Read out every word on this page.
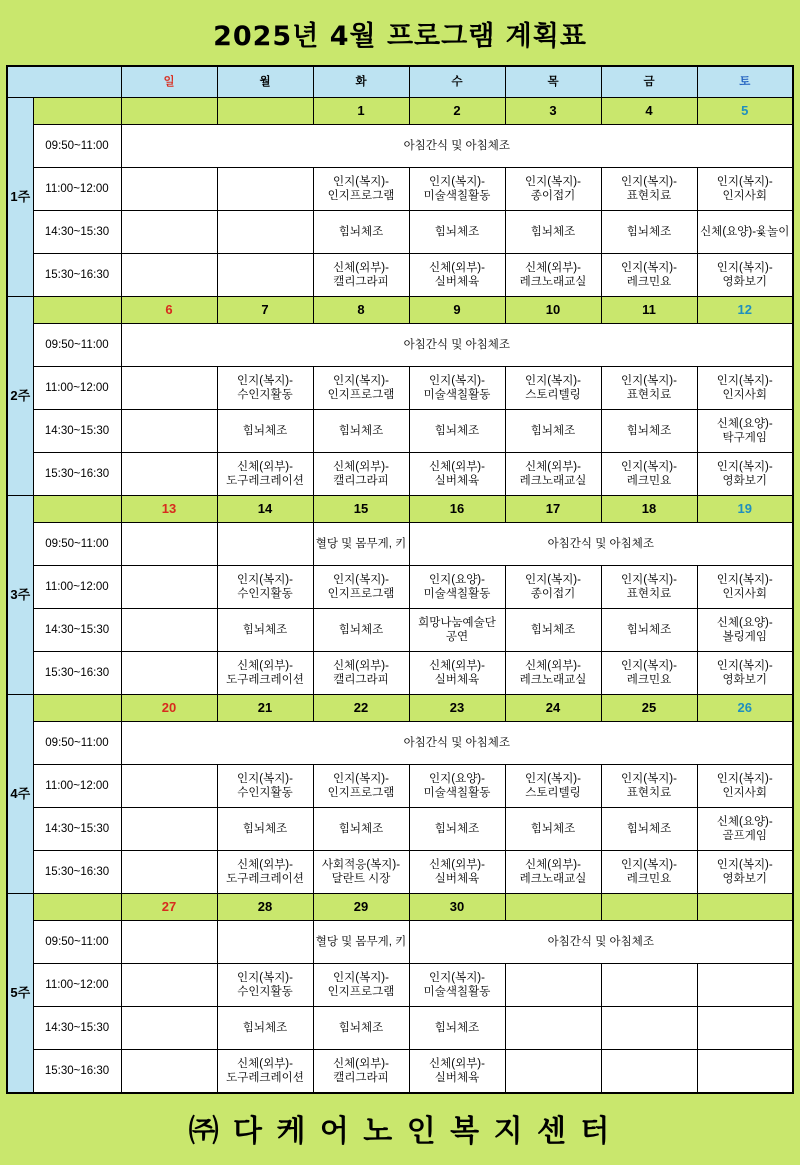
2025년 4월 프로그램 계획표
		일	월	화	수	목	금	토
1주				1	2	3	4	5
	09:50~11:00	아침간식 및 아침체조						
	11:00~12:00			인지(복지)-인지프로그램	인지(복지)-미술색칠활동	인지(복지)-종이접기	인지(복지)-표현치료	인지(복지)-인지사회
	14:30~15:30			힘뇌체조	힘뇌체조	힘뇌체조	힘뇌체조	신체(요양)-윷놀이
	15:30~16:30			신체(외부)-캘리그라피	신체(외부)-실버체육	신체(외부)-레크노래교실	인지(복지)-레크민요	인지(복지)-영화보기
2주		6	7	8	9	10	11	12
	09:50~11:00	아침간식 및 아침체조						
	11:00~12:00		인지(복지)-수인지활동	인지(복지)-인지프로그램	인지(복지)-미술색칠활동	인지(복지)-스토리텔링	인지(복지)-표현치료	인지(복지)-인지사회
	14:30~15:30		힘뇌체조	힘뇌체조	힘뇌체조	힘뇌체조	힘뇌체조	신체(요양)-탁구게임
	15:30~16:30		신체(외부)-도구레크레이션	신체(외부)-캘리그라피	신체(외부)-실버체육	신체(외부)-레크노래교실	인지(복지)-레크민요	인지(복지)-영화보기
3주		13	14	15	16	17	18	19
	09:50~11:00			혈당 및 몸무게, 키	아침간식 및 아침체조			
	11:00~12:00		인지(복지)-수인지활동	인지(복지)-인지프로그램	인지(요양)-미술색칠활동	인지(복지)-종이접기	인지(복지)-표현치료	인지(복지)-인지사회
	14:30~15:30		힘뇌체조	힘뇌체조	희망나눔예술단 공연	힘뇌체조	힘뇌체조	신체(요양)-볼링게임
	15:30~16:30		신체(외부)-도구레크레이션	신체(외부)-캘리그라피	신체(외부)-실버체육	신체(외부)-레크노래교실	인지(복지)-레크민요	인지(복지)-영화보기
4주		20	21	22	23	24	25	26
	09:50~11:00	아침간식 및 아침체조						
	11:00~12:00		인지(복지)-수인지활동	인지(복지)-인지프로그램	인지(요양)-미술색칠활동	인지(복지)-스토리텔링	인지(복지)-표현치료	인지(복지)-인지사회
	14:30~15:30		힘뇌체조	힘뇌체조	힘뇌체조	힘뇌체조	힘뇌체조	신체(요양)-골프게임
	15:30~16:30		신체(외부)-도구레크레이션	사회적응(복지)-달란트 시장	신체(외부)-실버체육	신체(외부)-레크노래교실	인지(복지)-레크민요	인지(복지)-영화보기
5주		27	28	29	30			
	09:50~11:00			혈당 및 몸무게, 키	아침간식 및 아침체조			
	11:00~12:00		인지(복지)-수인지활동	인지(복지)-인지프로그램	인지(복지)-미술색칠활동			
	14:30~15:30		힘뇌체조	힘뇌체조	힘뇌체조			
	15:30~16:30		신체(외부)-도구레크레이션	신체(외부)-캘리그라피	신체(외부)-실버체육			
㈜ 다 케 어 노 인 복 지 센 터
